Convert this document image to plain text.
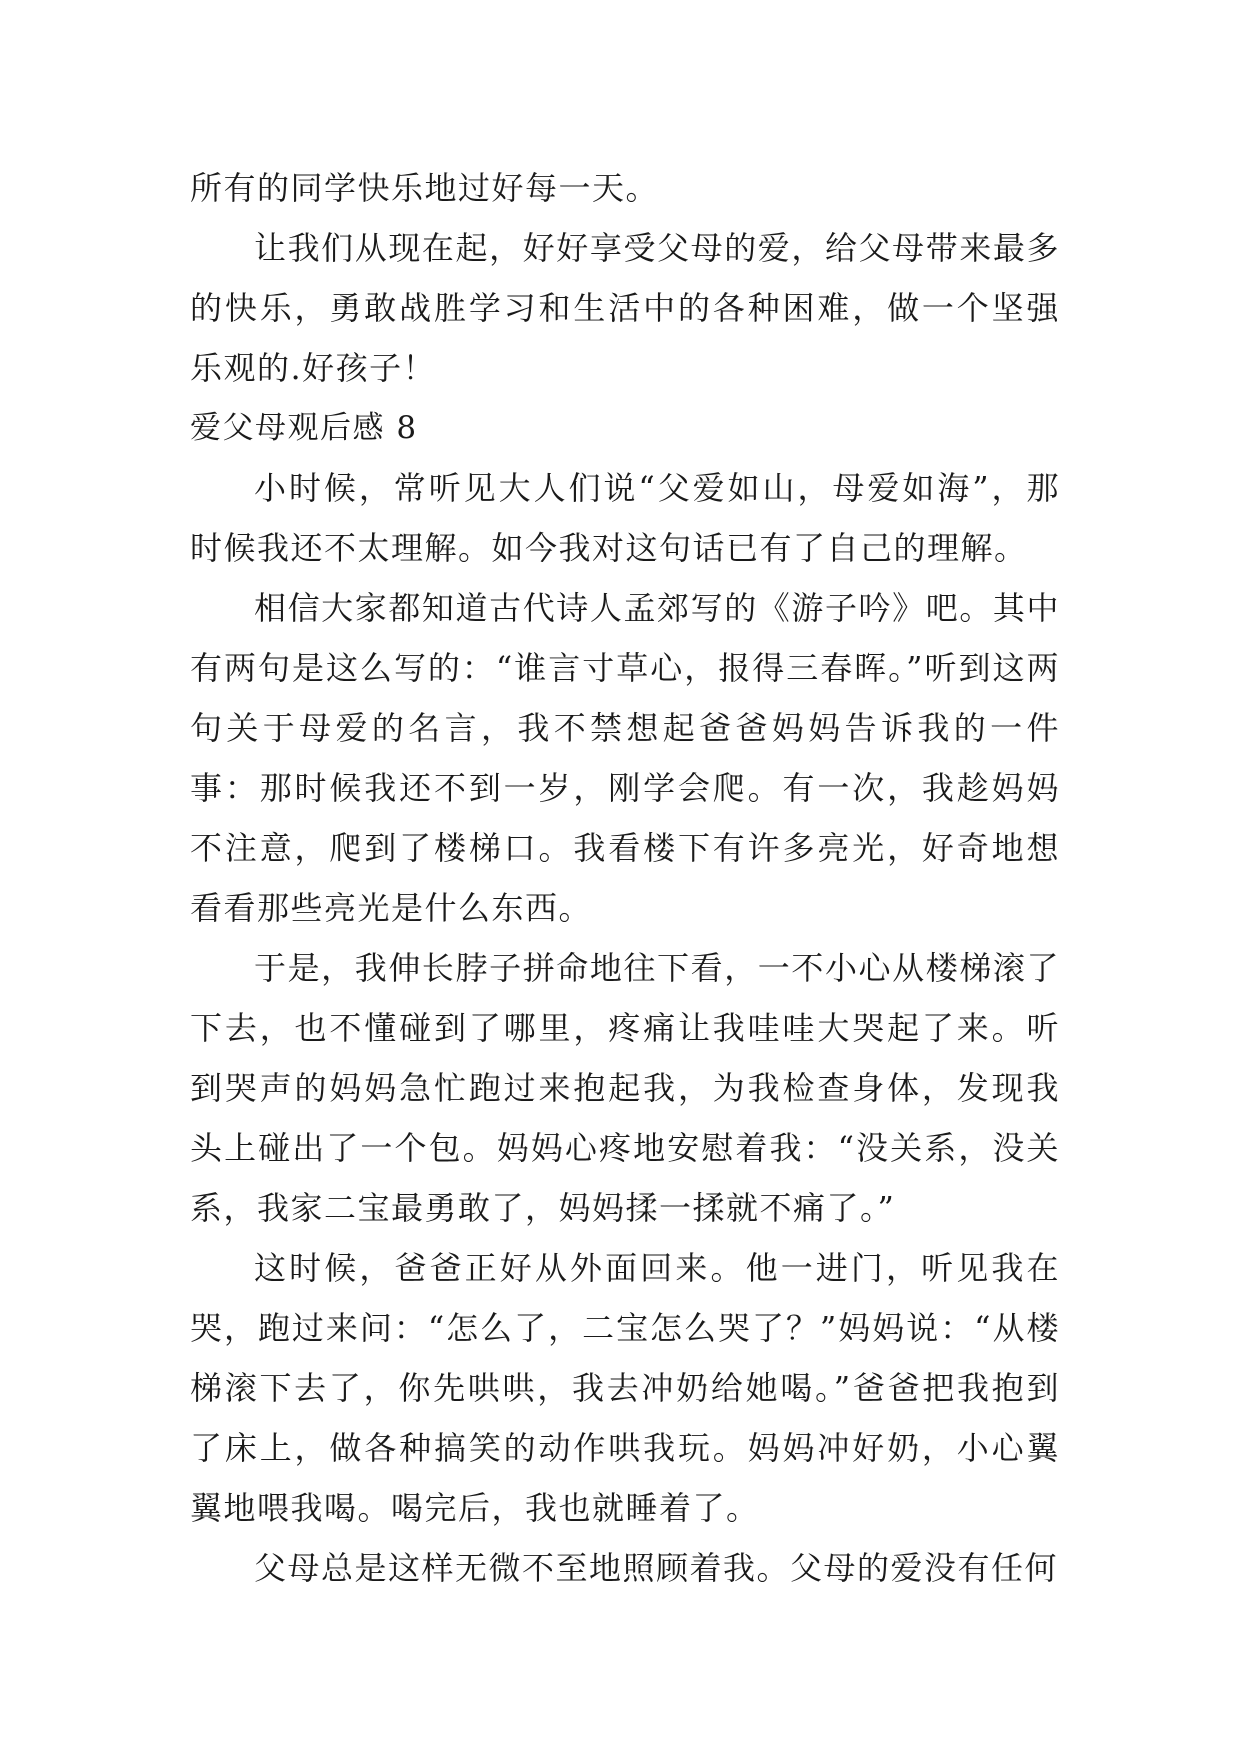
所有的同学快乐地过好每一天。

让我们从现在起，好好享受父母的爱，给父母带来最多的快乐，勇敢战胜学习和生活中的各种困难，做一个坚强乐观的.好孩子！

爱父母观后感 8

小时候，常听见大人们说“父爱如山，母爱如海”，那时候我还不太理解。如今我对这句话已有了自己的理解。

相信大家都知道古代诗人孟郊写的《游子吟》吧。其中有两句是这么写的：“谁言寸草心，报得三春晖。”听到这两句关于母爱的名言，我不禁想起爸爸妈妈告诉我的一件事：那时候我还不到一岁，刚学会爬。有一次，我趁妈妈不注意，爬到了楼梯口。我看楼下有许多亮光，好奇地想看看那些亮光是什么东西。

于是，我伸长脖子拼命地往下看，一不小心从楼梯滚了下去，也不懂碰到了哪里，疼痛让我哇哇大哭起了来。听到哭声的妈妈急忙跑过来抱起我，为我检查身体，发现我头上碰出了一个包。妈妈心疼地安慰着我：“没关系，没关系，我家二宝最勇敢了，妈妈揉一揉就不痛了。”

这时候，爸爸正好从外面回来。他一进门，听见我在哭，跑过来问：“怎么了，二宝怎么哭了？”妈妈说：“从楼梯滚下去了，你先哄哄，我去冲奶给她喝。”爸爸把我抱到了床上，做各种搞笑的动作哄我玩。妈妈冲好奶，小心翼翼地喂我喝。喝完后，我也就睡着了。

父母总是这样无微不至地照顾着我。父母的爱没有任何
